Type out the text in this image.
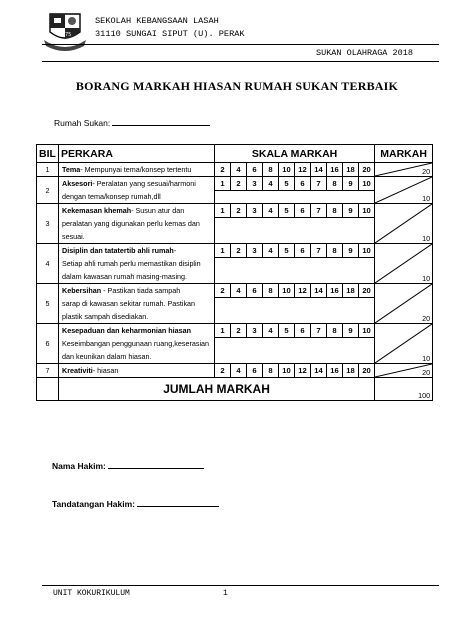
1975
SEKOLAH KEBANGSAAN LASAH
31110 SUNGAI SIPUT (U). PERAK
SUKAN OLAHRAGA 2018
BORANG MARKAH HIASAN RUMAH SUKAN TERBAIK
Rumah Sukan:
BIL	PERKARA	SKALA MARKAH										MARKAH
1	Tema- Mempunyai tema/konsep tertentu	2	4	6	8	10	12	14	16	18	20	20

2	Aksesori- Peralatan yang sesuai/harmoni	1	2	3	4	5	6	7	8	9	10	10

	dengan tema/konsep rumah,dll											
3	Kekemasan khemah- Susun atur dan	1	2	3	4	5	6	7	8	9	10	10

	peralatan yang digunakan perlu kemas dan											
	sesuai.											
4	Disiplin dan tatatertib ahli rumah-	1	2	3	4	5	6	7	8	9	10	10

	Setiap ahli rumah perlu memastikan disiplin											
	dalam kawasan rumah masing-masing.											
5	Kebersihan - Pastikan tiada sampah	2	4	6	8	10	12	14	16	18	20	20

	sarap di kawasan sekitar rumah. Pastikan											
	plastik sampah disediakan.											
6	Kesepaduan dan keharmonian hiasan	1	2	3	4	5	6	7	8	9	10	10

	Keseimbangan penggunaan ruang,keserasian											
	dan keunikan dalam hiasan.											
7	Kreativiti- hiasan	2	4	6	8	10	12	14	16	18	20	20

	JUMLAH MARKAH											100
Nama Hakim:
Tandatangan Hakim:
UNIT KOKURIKULUM	1
